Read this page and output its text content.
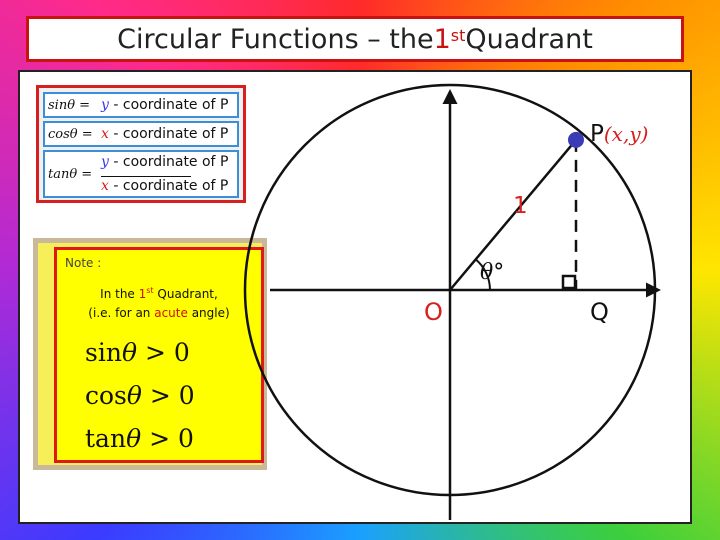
Circular Functions – the 1st Quadrant
sinθ = y - coordinate of P
cosθ = x - coordinate of P
tanθ =
y - coordinate of P
x - coordinate of P
Note :
In the 1st Quadrant,
(i.e. for an acute angle)
sinθ > 0
cosθ > 0
tanθ > 0
P(x,y)
1
θ°
O	Q
